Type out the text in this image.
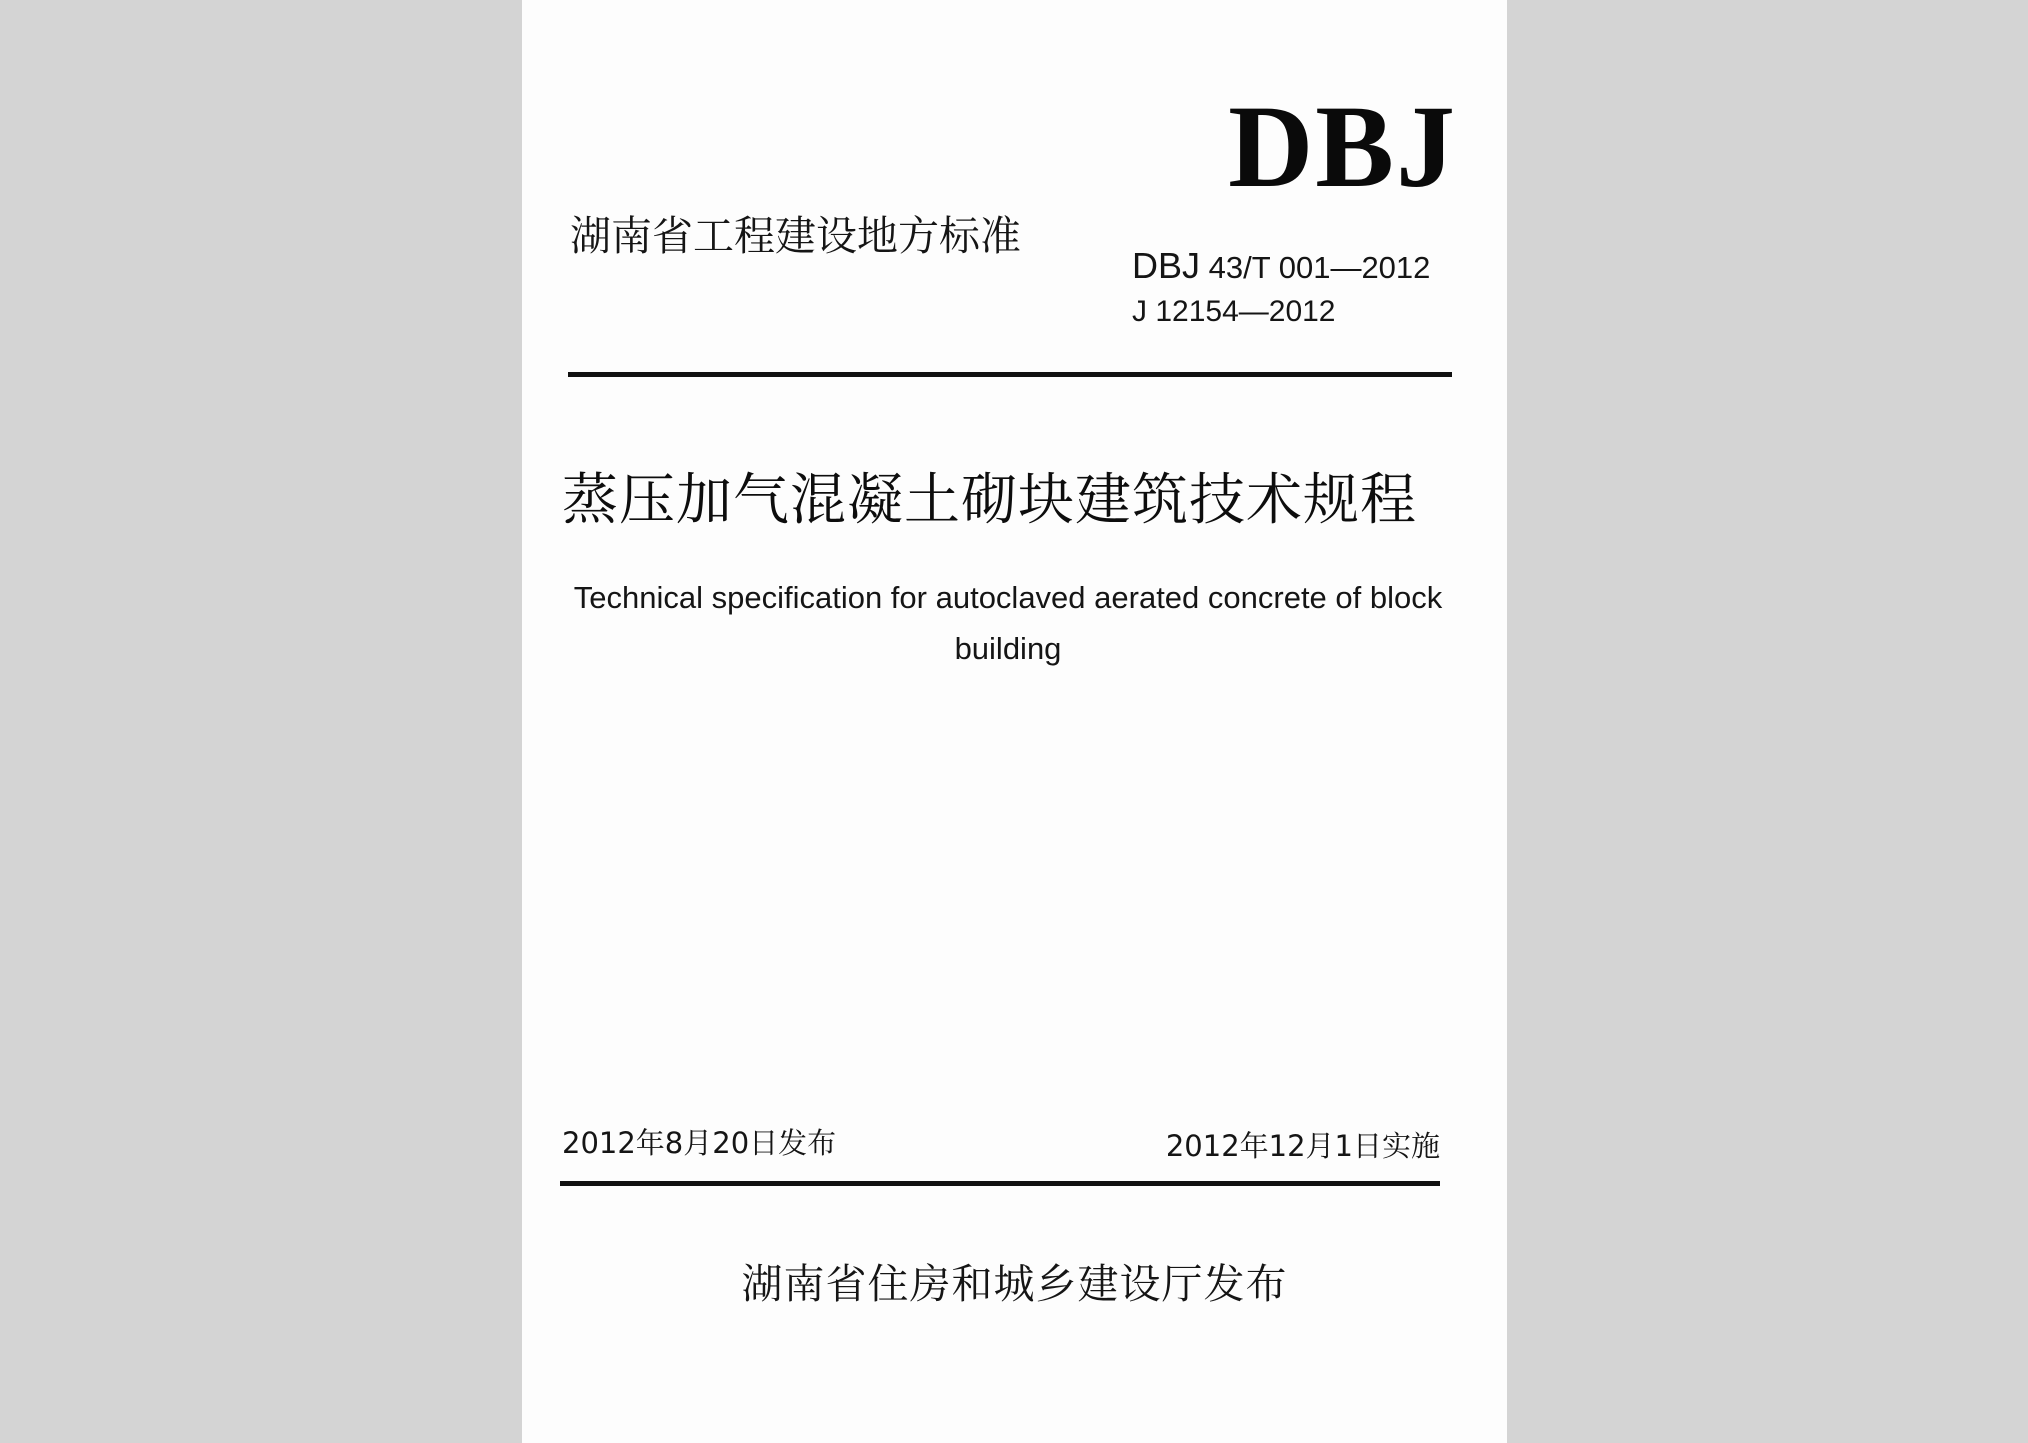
DBJ
湖南省工程建设地方标准
DBJ 43/T 001—2012
J 12154—2012
蒸压加气混凝土砌块建筑技术规程
Technical specification for autoclaved aerated concrete of block building
2012年8月20日发布	2012年12月1日实施
湖南省住房和城乡建设厅发布
